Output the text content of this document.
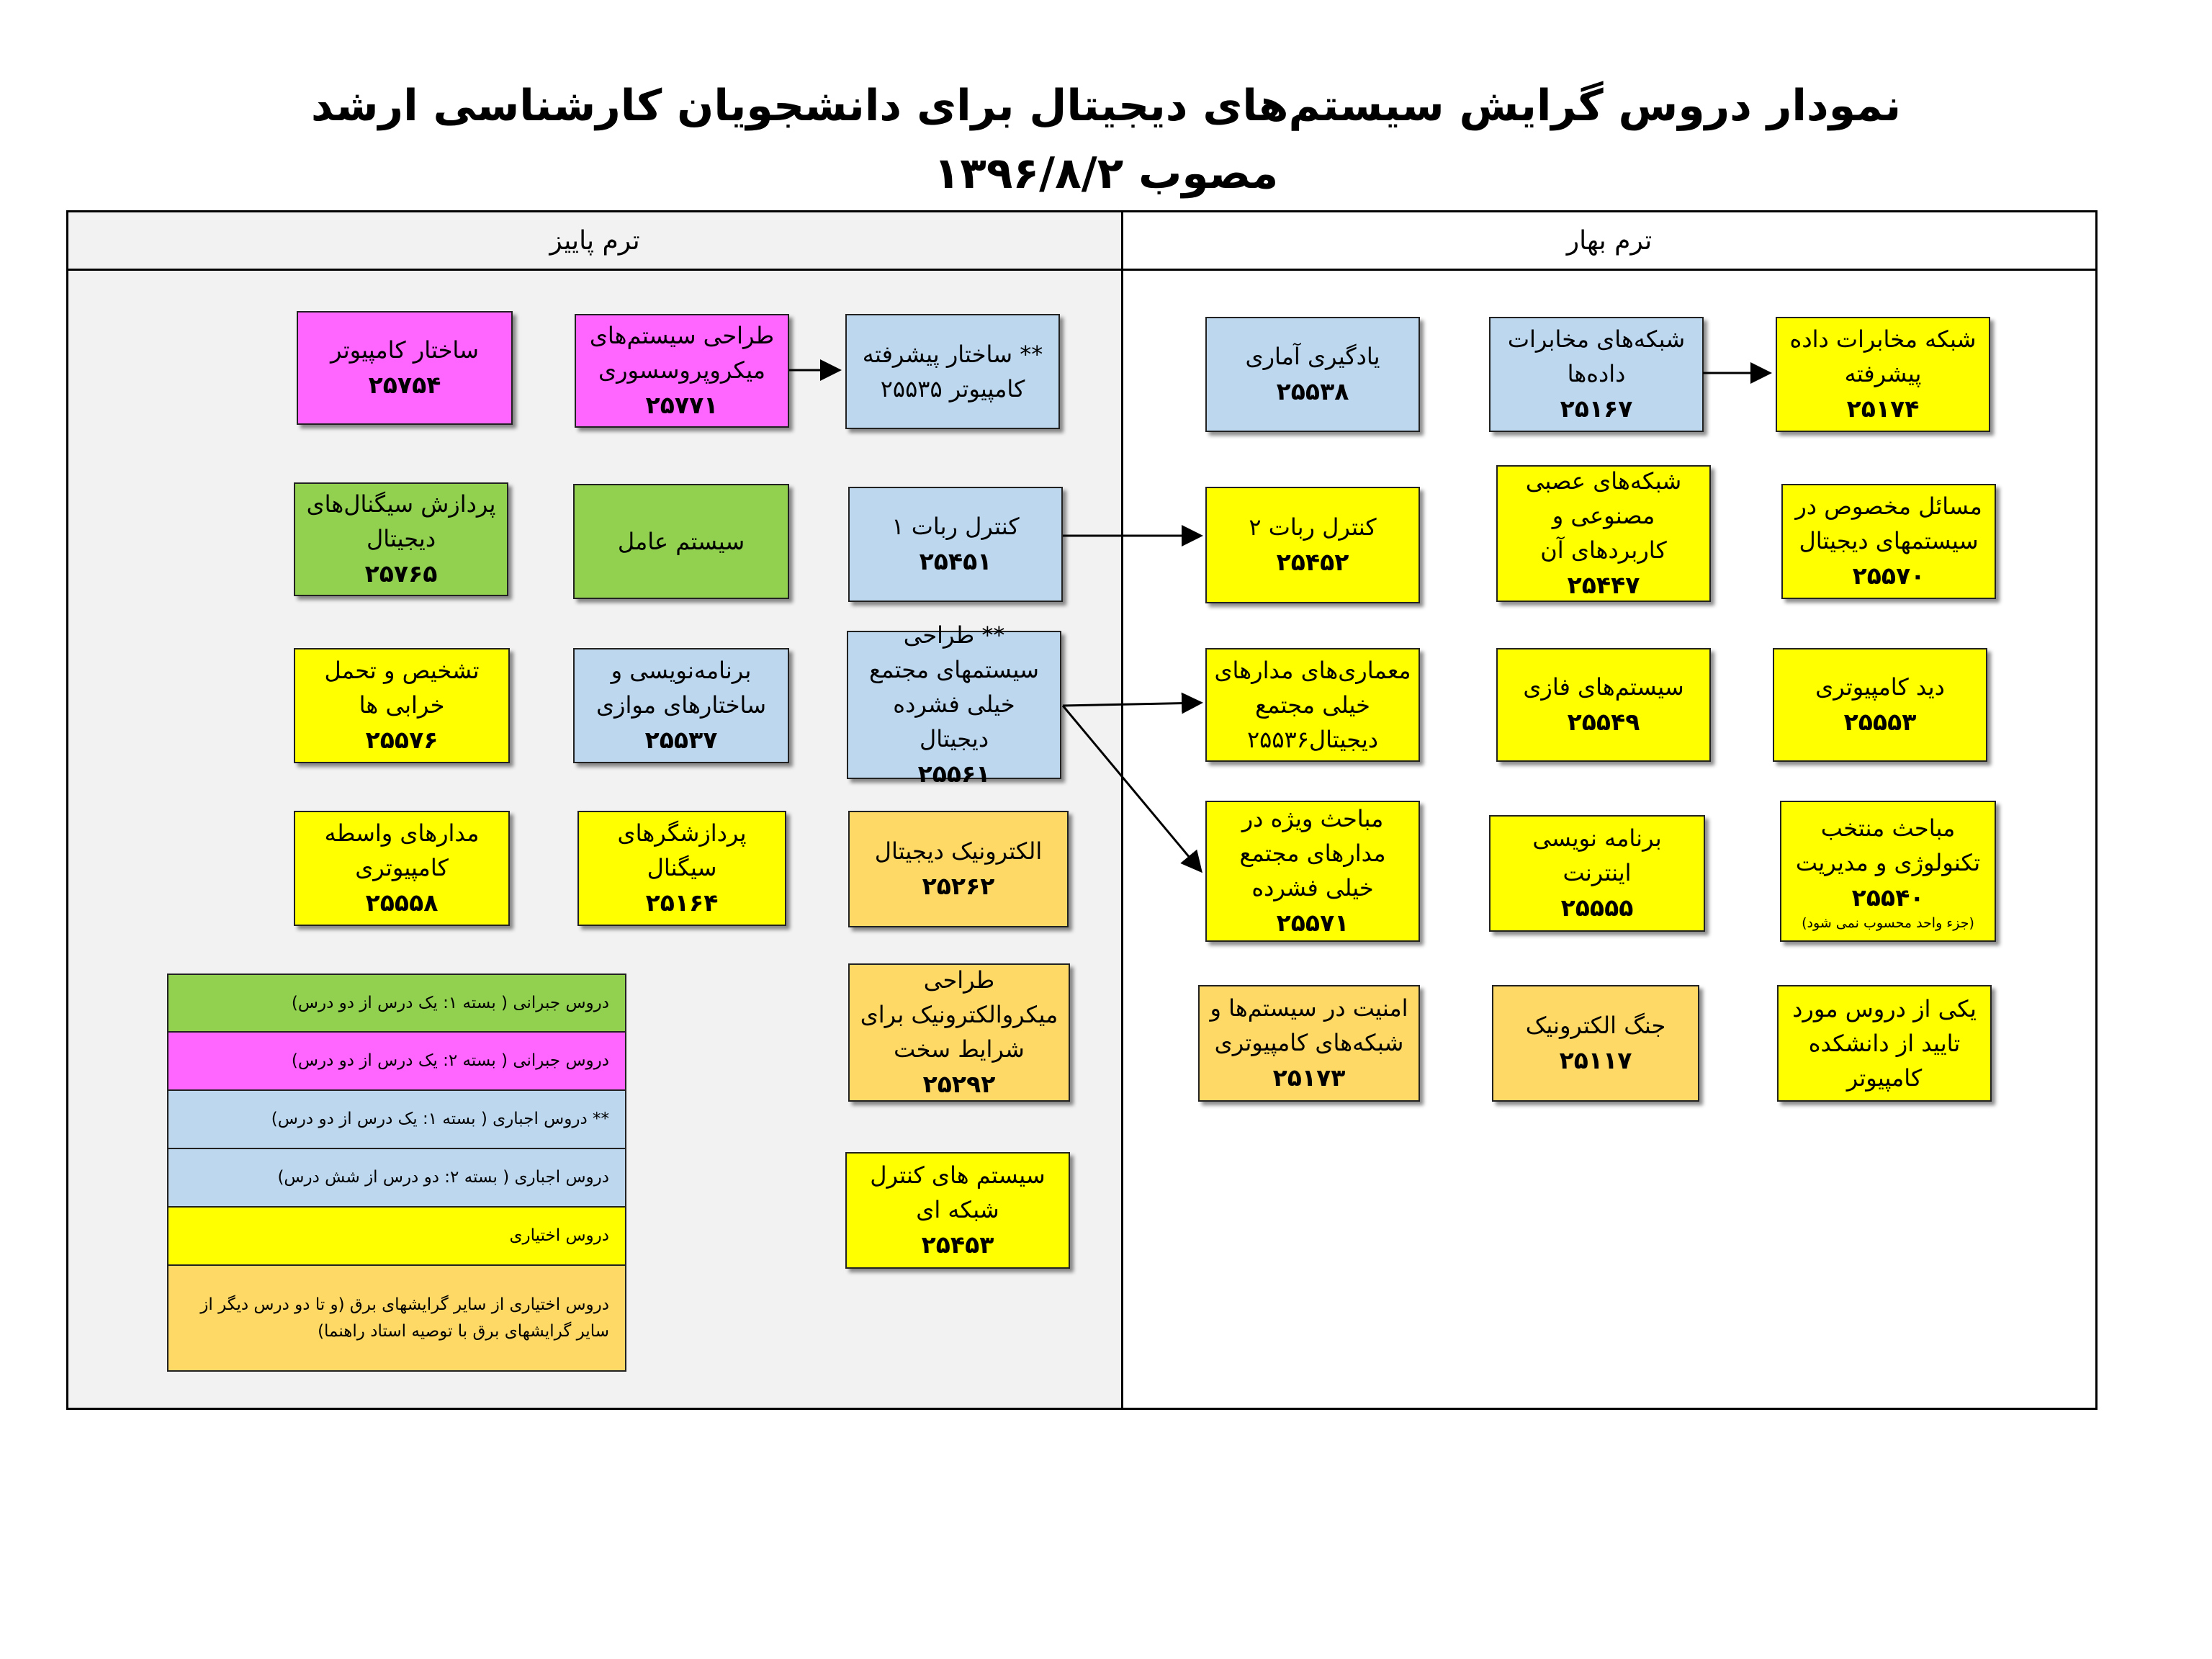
نمودار دروس گرایش سیستم‌های دیجیتال برای دانشجویان کارشناسی ارشد
مصوب ۱۳۹۶/۸/۲
ترم پاییز	ترم بهار
ساختار کامپیوتر
۲۵۷۵۴
طراحی سیستم‌های
میکروپروسسوری
۲۵۷۷۱
** ساختار پیشرفته
کامپیوتر ۲۵۵۳۵
پردازش سیگنال‌های
دیجیتال
۲۵۷۶۵
سیستم عامل
کنترل ربات ۱
۲۵۴۵۱
تشخیص و تحمل
خرابی ها
۲۵۵۷۶
برنامه‌نویسی و
ساختارهای موازی
۲۵۵۳۷
** طراحی
سیستمهای مجتمع
خیلی فشرده دیجیتال
۲۵۵۶۱
مدارهای واسطه
کامپیوتری
۲۵۵۵۸
پردازشگرهای
سیگنال
۲۵۱۶۴
الکترونیک دیجیتال
۲۵۲۶۲
طراحی
میکروالکترونیک برای
شرایط سخت
۲۵۲۹۲
سیستم های کنترل
شبکه ای
۲۵۴۵۳
یادگیری آماری
۲۵۵۳۸
شبکه‌های مخابرات
داده‌ها
۲۵۱۶۷
شبکه مخابرات داده
پیشرفته
۲۵۱۷۴
کنترل ربات ۲
۲۵۴۵۲
شبکه‌های عصبی
مصنوعی و
کاربردهای آن
۲۵۴۴۷
مسائل مخصوص در
سیستمهای دیجیتال
۲۵۵۷۰
معماری‌های مدارهای
خیلی مجتمع
دیجیتال۲۵۵۳۶
سیستم‌های فازی
۲۵۵۴۹
دید کامپیوتری
۲۵۵۵۳
مباحث ویژه در
مدارهای مجتمع
خیلی فشرده
۲۵۵۷۱
برنامه نویسی اینترنت
۲۵۵۵۵
مباحث منتخب
تکنولوژی و مدیریت
۲۵۵۴۰
(جزء واحد محسوب نمی شود)
امنیت در سیستم‌ها و
شبکه‌های کامپیوتری
۲۵۱۷۳
جنگ الکترونیک
۲۵۱۱۷
یکی از دروس مورد
تایید از دانشکده
کامپیوتر
دروس جبرانی ( بسته ۱: یک درس از دو درس)
دروس جبرانی ( بسته ۲: یک درس از دو درس)
** دروس اجباری ( بسته ۱: یک درس از دو درس)
دروس اجباری ( بسته ۲: دو درس از شش درس)
دروس اختیاری
دروس اختیاری از سایر گرایشهای برق (و تا دو درس دیگر از سایر گرایشهای برق با توصیه استاد راهنما)
